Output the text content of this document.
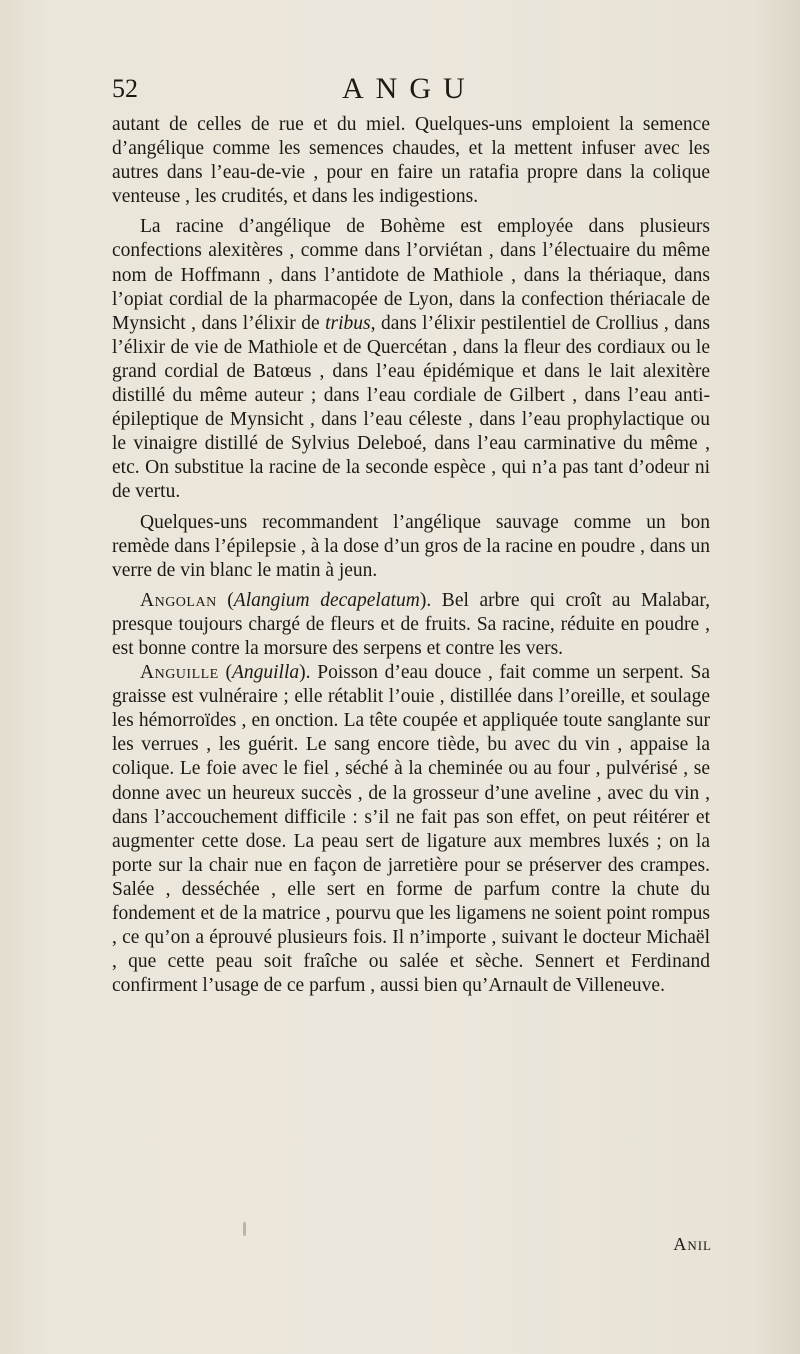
52	ANGU

autant de celles de rue et du miel. Quelques-uns emploient la semence d’angélique comme les semences chaudes, et la mettent infuser avec les autres dans l’eau-de-vie , pour en faire un ratafia propre dans la colique venteuse , les crudités, et dans les indigestions.

La racine d’angélique de Bohème est employée dans plusieurs confections alexitères , comme dans l’orviétan , dans l’électuaire du même nom de Hoffmann , dans l’antidote de Mathiole , dans la thériaque, dans l’opiat cordial de la pharmacopée de Lyon, dans la confection thériacale de Mynsicht , dans l’élixir de tribus, dans l’élixir pestilentiel de Crollius , dans l’élixir de vie de Mathiole et de Quercétan , dans la fleur des cordiaux ou le grand cordial de Batœus , dans l’eau épidémique et dans le lait alexitère distillé du même auteur ; dans l’eau cordiale de Gilbert , dans l’eau anti-épileptique de Mynsicht , dans l’eau céleste , dans l’eau prophylactique ou le vinaigre distillé de Sylvius Deleboé, dans l’eau carminative du même , etc. On substitue la racine de la seconde espèce , qui n’a pas tant d’odeur ni de vertu.

Quelques-uns recommandent l’angélique sauvage comme un bon remède dans l’épilepsie , à la dose d’un gros de la racine en poudre , dans un verre de vin blanc le matin à jeun.

Angolan (Alangium decapelatum). Bel arbre qui croît au Malabar, presque toujours chargé de fleurs et de fruits. Sa racine, réduite en poudre , est bonne contre la morsure des serpens et contre les vers.

Anguille (Anguilla). Poisson d’eau douce , fait comme un serpent. Sa graisse est vulnéraire ; elle rétablit l’ouie , distillée dans l’oreille, et soulage les hémorroïdes , en onction. La tête coupée et appliquée toute sanglante sur les verrues , les guérit. Le sang encore tiède, bu avec du vin , appaise la colique. Le foie avec le fiel , séché à la cheminée ou au four , pulvérisé , se donne avec un heureux succès , de la grosseur d’une aveline , avec du vin , dans l’accouchement difficile : s’il ne fait pas son effet, on peut réitérer et augmenter cette dose. La peau sert de ligature aux membres luxés ; on la porte sur la chair nue en façon de jarretière pour se préserver des crampes. Salée , desséchée , elle sert en forme de parfum contre la chute du fondement et de la matrice , pourvu que les ligamens ne soient point rompus , ce qu’on a éprouvé plusieurs fois. Il n’importe , suivant le docteur Michaël , que cette peau soit fraîche ou salée et sèche. Sennert et Ferdinand confirment l’usage de ce parfum , aussi bien qu’Arnault de Villeneuve.

Anil
